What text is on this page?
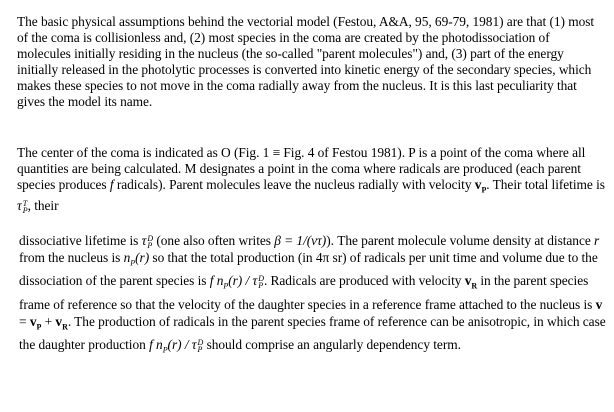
The basic physical assumptions behind the vectorial model (Festou, A&A, 95, 69-79, 1981) are that (1) most of the coma is collisionless and, (2) most species in the coma are created by the photodissociation of molecules initially residing in the nucleus (the so-called "parent molecules") and, (3) part of the energy initially released in the photolytic processes is converted into kinetic energy of the secondary species, which makes these species to not move in the coma radially away from the nucleus. It is this last peculiarity that gives the model its name.

The center of the coma is indicated as O (Fig. 1 ≡ Fig. 4 of Festou 1981). P is a point of the coma where all quantities are being calculated. M designates a point in the coma where radicals are produced (each parent species produces f radicals). Parent molecules leave the nucleus radially with velocity $v_P$. Their total lifetime is τ T
P , their

dissociative lifetime is τ D
P (one also often writes β = 1/(vτ)). The parent molecule volume density at distance r from the nucleus is $n_P(r)$ so that the total production (in 4π sr) of radicals per unit time and volume due to the dissociation of the parent species is f $n_P(r)$ / τ D
P . Radicals are produced with velocity $v_R$ in the parent species frame of reference so that the velocity of the daughter species in a reference frame attached to the nucleus is $v = v_P + v_R$. The production of radicals in the parent species frame of reference can be anisotropic, in which case the daughter production f $n_P(r)$ / τ D
P should comprise an angularly dependency term.
